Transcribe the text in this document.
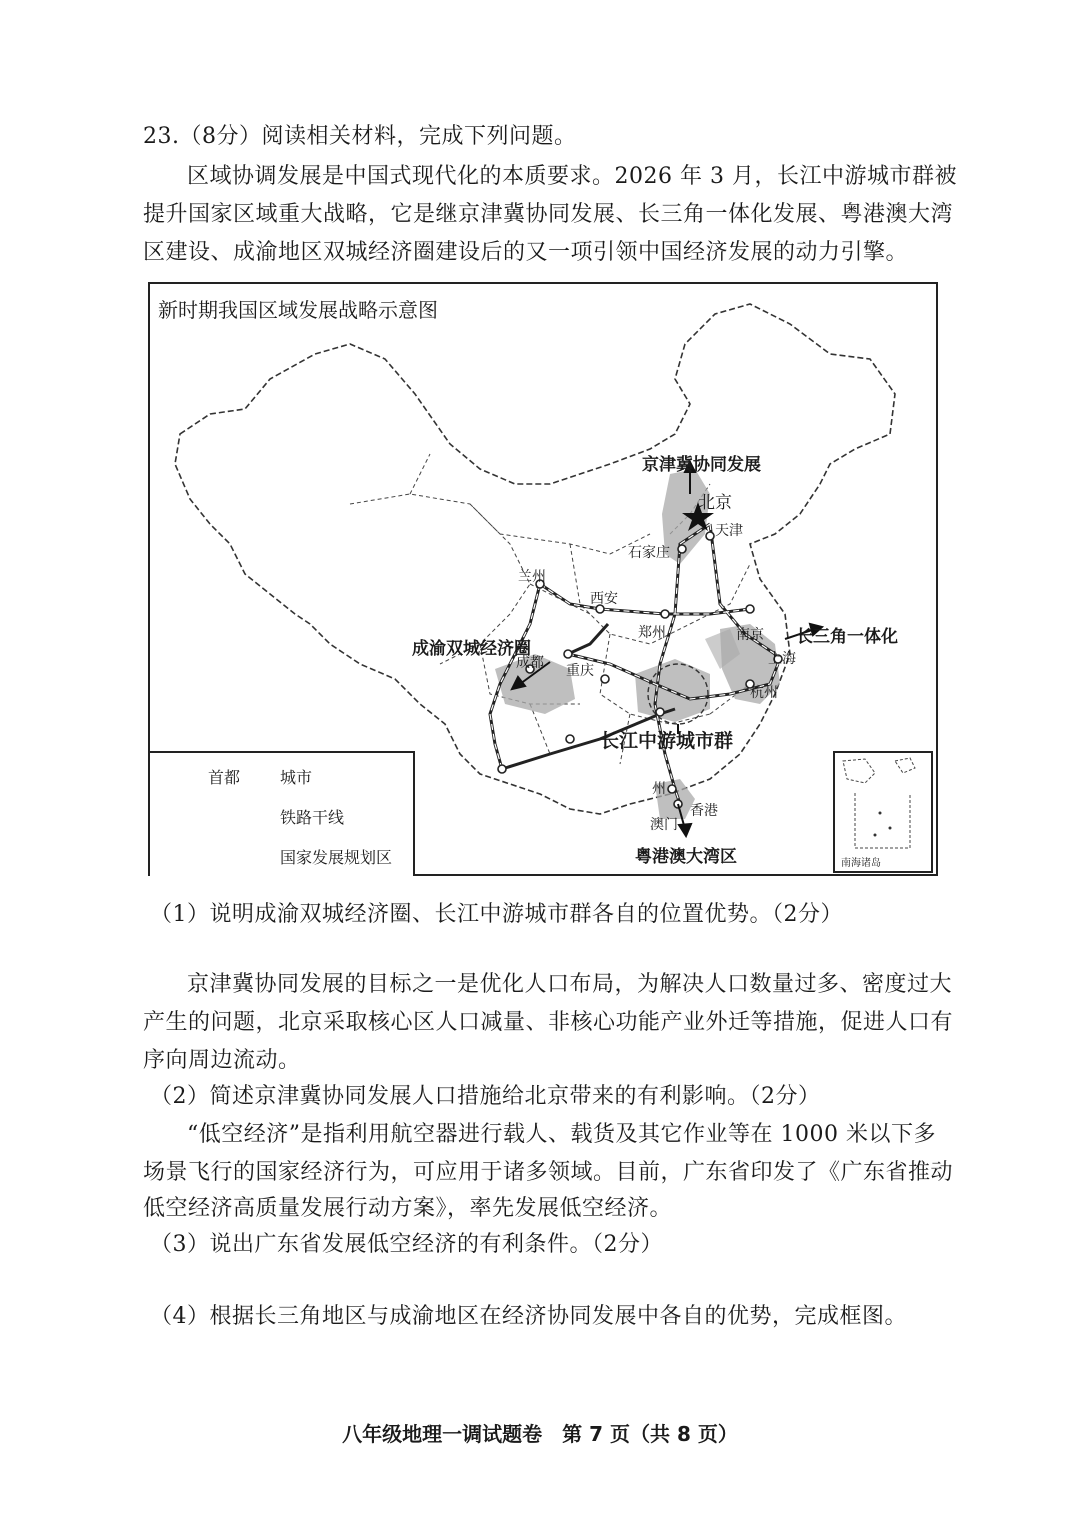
23.（8分）阅读相关材料，完成下列问题。
区域协调发展是中国式现代化的本质要求。2026 年 3 月，长江中游城市群被
提升国家区域重大战略，它是继京津冀协同发展、长三角一体化发展、粤港澳大湾
区建设、成渝地区双城经济圈建设后的又一项引领中国经济发展的动力引擎。
新时期我国区域发展战略示意图
京津冀协同发展
长三角一体化
成渝双城经济圈
长江中游城市群
粤港澳大湾区
北京
天津
石家庄
兰州
西安
郑州	南京
上海
杭州
成都 重庆
州
香港
澳门
首都 城市
铁路干线
国家发展规划区	南海诸岛
（1）说明成渝双城经济圈、长江中游城市群各自的位置优势。（2分）
京津冀协同发展的目标之一是优化人口布局，为解决人口数量过多、密度过大
产生的问题，北京采取核心区人口减量、非核心功能产业外迁等措施，促进人口有
序向周边流动。
（2）简述京津冀协同发展人口措施给北京带来的有利影响。（2分）
“低空经济”是指利用航空器进行载人、载货及其它作业等在 1000 米以下多
场景飞行的国家经济行为，可应用于诸多领域。目前，广东省印发了《广东省推动
低空经济高质量发展行动方案》，率先发展低空经济。
（3）说出广东省发展低空经济的有利条件。（2分）
（4）根据长三角地区与成渝地区在经济协同发展中各自的优势，完成框图。
八年级地理一调试题卷　第 7 页（共 8 页）
